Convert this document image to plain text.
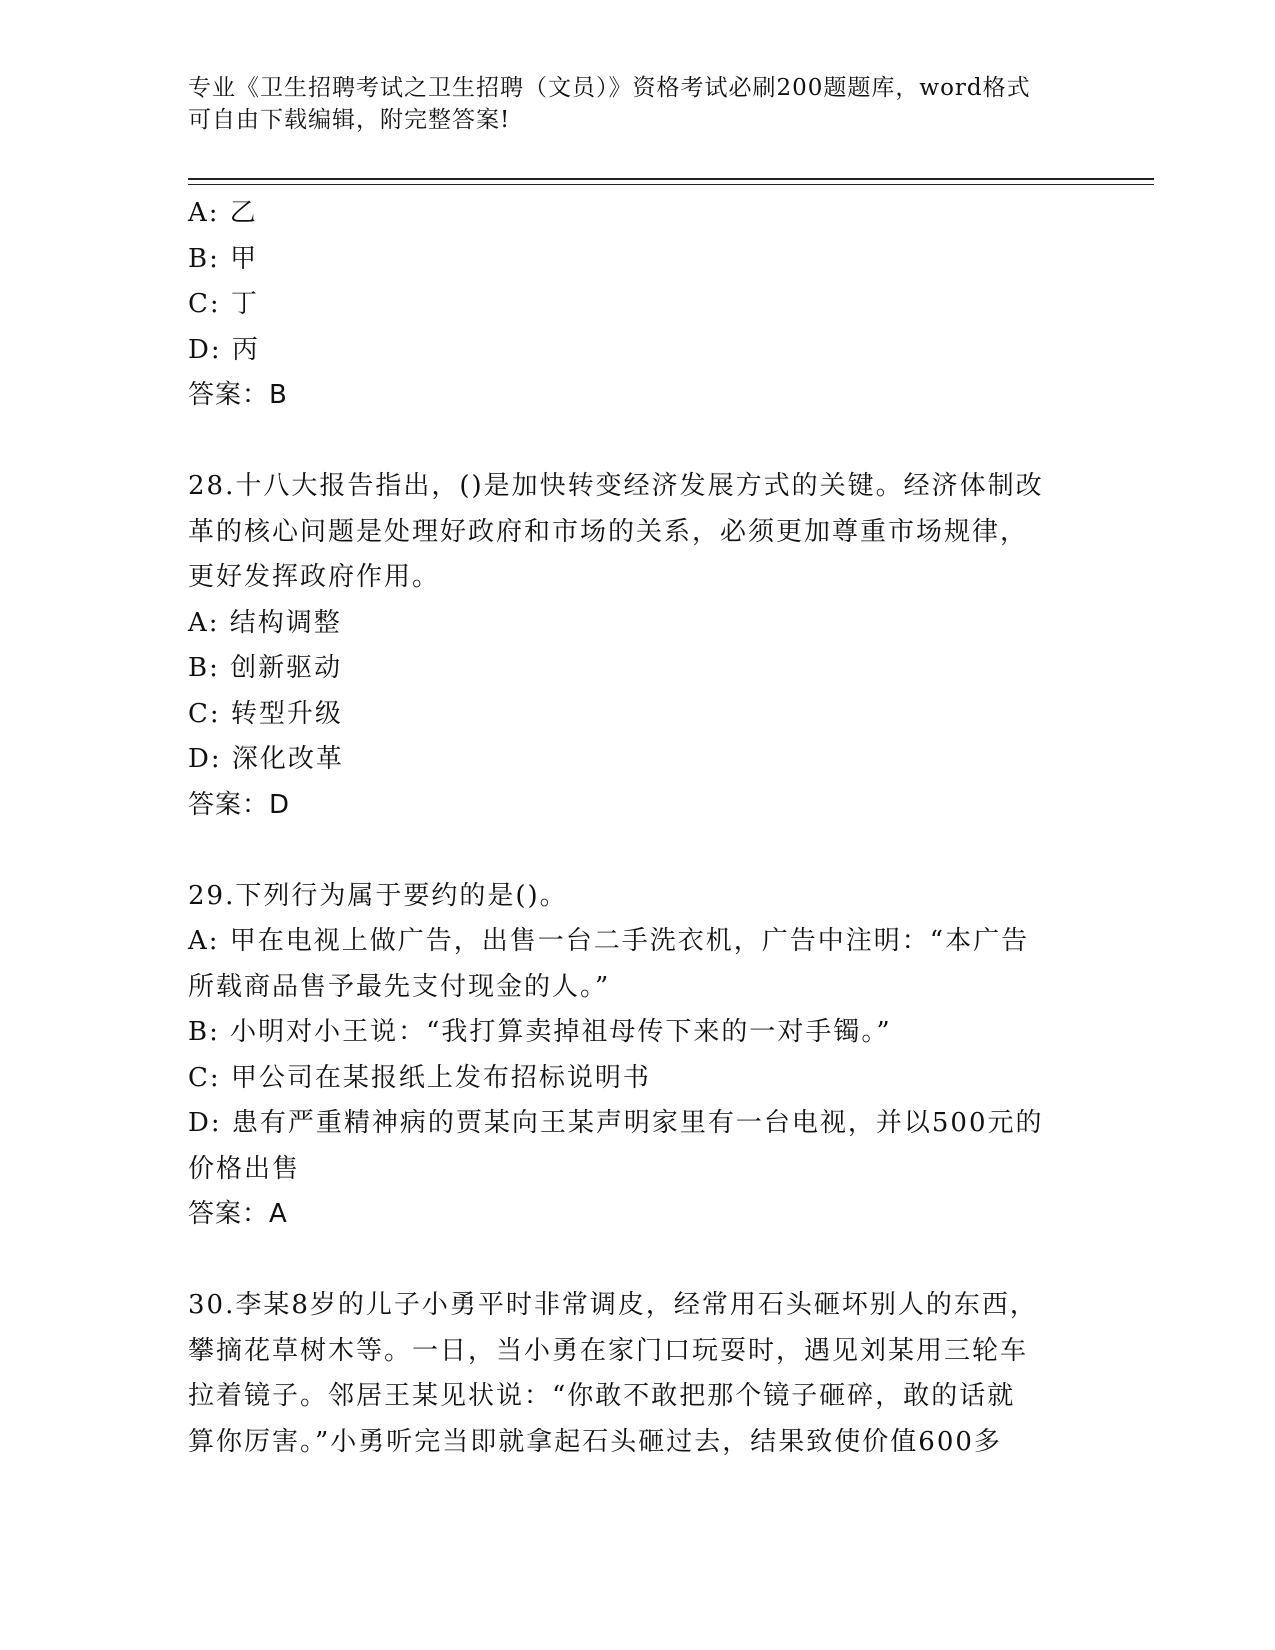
专业《卫生招聘考试之卫生招聘（文员）》资格考试必刷200题题库，word格式
可自由下载编辑，附完整答案!
A: 乙
B: 甲
C: 丁
D: 丙
答案：B
28.十八大报告指出，()是加快转变经济发展方式的关键。经济体制改
革的核心问题是处理好政府和市场的关系，必须更加尊重市场规律，
更好发挥政府作用。
A: 结构调整
B: 创新驱动
C: 转型升级
D: 深化改革
答案：D
29.下列行为属于要约的是()。
A: 甲在电视上做广告，出售一台二手洗衣机，广告中注明：“本广告
所载商品售予最先支付现金的人。”
B: 小明对小王说：“我打算卖掉祖母传下来的一对手镯。”
C: 甲公司在某报纸上发布招标说明书
D: 患有严重精神病的贾某向王某声明家里有一台电视，并以500元的
价格出售
答案：A
30.李某8岁的儿子小勇平时非常调皮，经常用石头砸坏别人的东西，
攀摘花草树木等。一日，当小勇在家门口玩耍时，遇见刘某用三轮车
拉着镜子。邻居王某见状说：“你敢不敢把那个镜子砸碎，敢的话就
算你厉害。”小勇听完当即就拿起石头砸过去，结果致使价值600多
